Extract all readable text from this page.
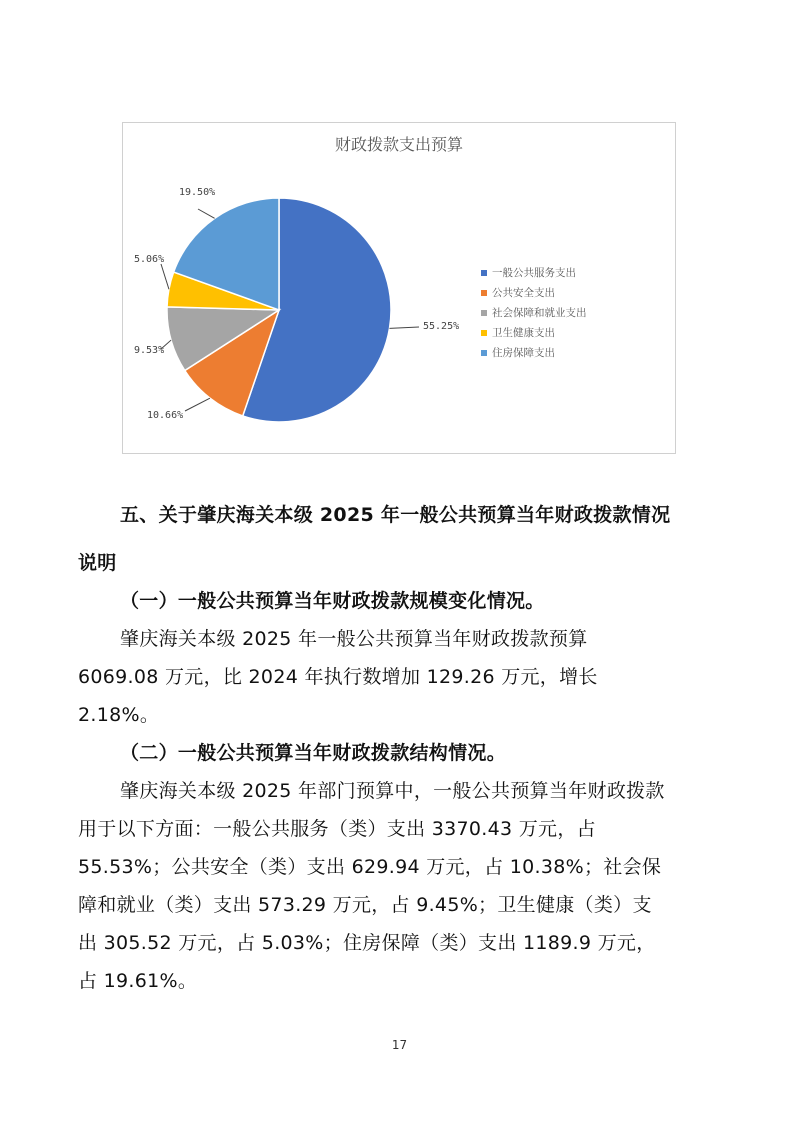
财政拨款支出预算
55.25%
10.66%
9.53%
5.06%
19.50%
一般公共服务支出
公共安全支出
社会保障和就业支出
卫生健康支出
住房保障支出
五、关于肇庆海关本级 2025 年一般公共预算当年财政拨款情况
说明
（一）一般公共预算当年财政拨款规模变化情况。
肇庆海关本级 2025 年一般公共预算当年财政拨款预算
6069.08 万元，比 2024 年执行数增加 129.26 万元，增长
2.18%。
（二）一般公共预算当年财政拨款结构情况。
肇庆海关本级 2025 年部门预算中，一般公共预算当年财政拨款
用于以下方面：一般公共服务（类）支出 3370.43 万元，占
55.53%；公共安全（类）支出 629.94 万元，占 10.38%；社会保
障和就业（类）支出 573.29 万元，占 9.45%；卫生健康（类）支
出 305.52 万元，占 5.03%；住房保障（类）支出 1189.9 万元，
占 19.61%。
17
